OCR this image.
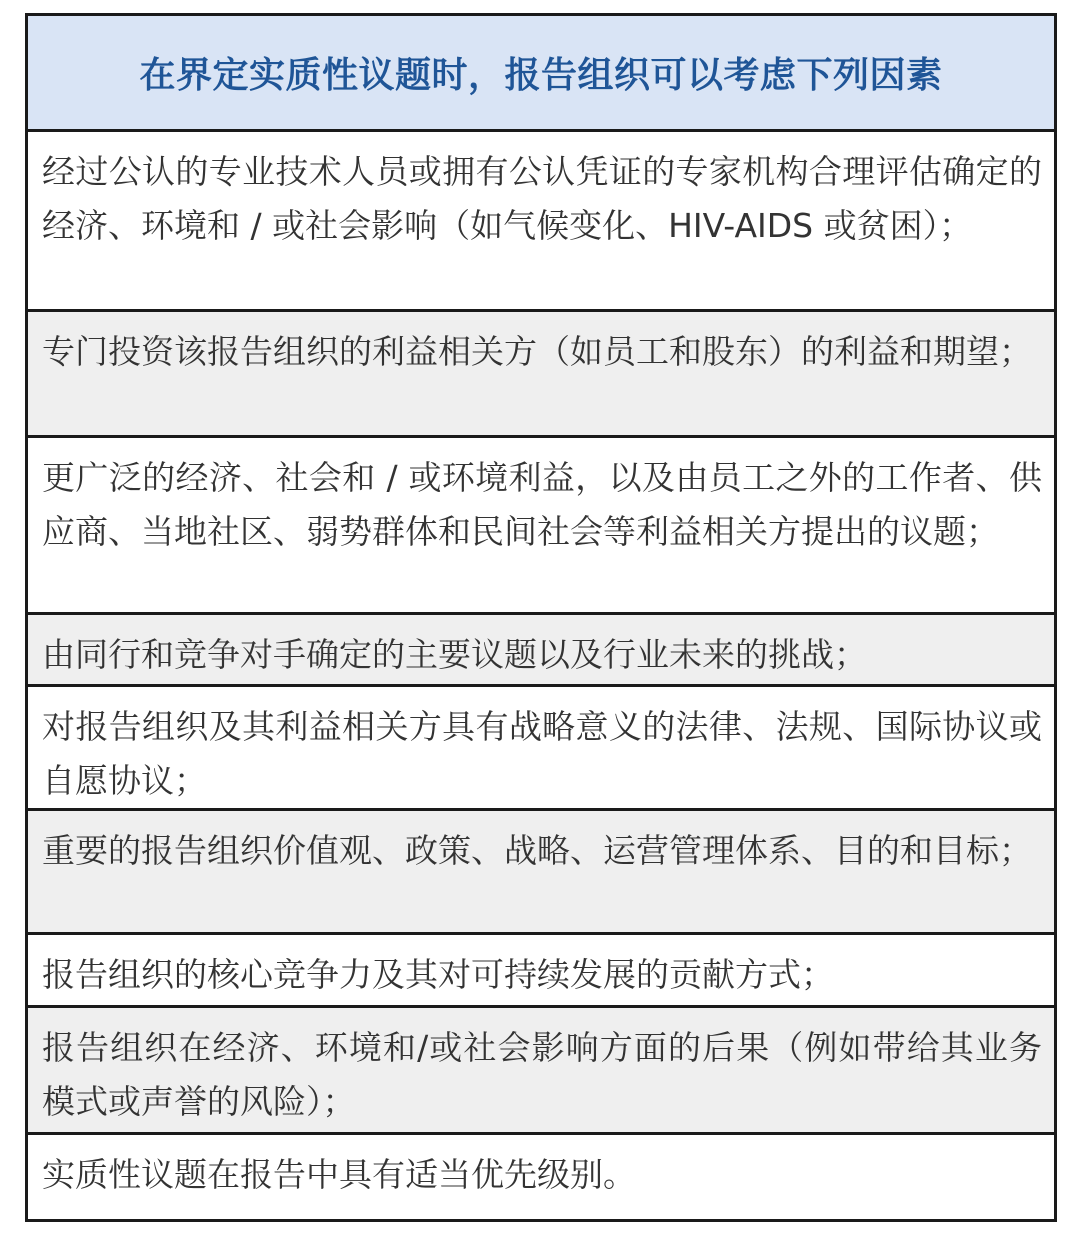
在界定实质性议题时，报告组织可以考虑下列因素
经过公认的专业技术人员或拥有公认凭证的专家机构合理评估确定的经济、环境和 / 或社会影响（如气候变化、HIV-AIDS 或贫困）；
专门投资该报告组织的利益相关方（如员工和股东）的利益和期望；
更广泛的经济、社会和 / 或环境利益，以及由员工之外的工作者、供应商、当地社区、弱势群体和民间社会等利益相关方提出的议题；
由同行和竞争对手确定的主要议题以及行业未来的挑战；
对报告组织及其利益相关方具有战略意义的法律、法规、国际协议或自愿协议；
重要的报告组织价值观、政策、战略、运营管理体系、目的和目标；
报告组织的核心竞争力及其对可持续发展的贡献方式；
报告组织在经济、环境和/或社会影响方面的后果（例如带给其业务模式或声誉的风险）；
实质性议题在报告中具有适当优先级别。
